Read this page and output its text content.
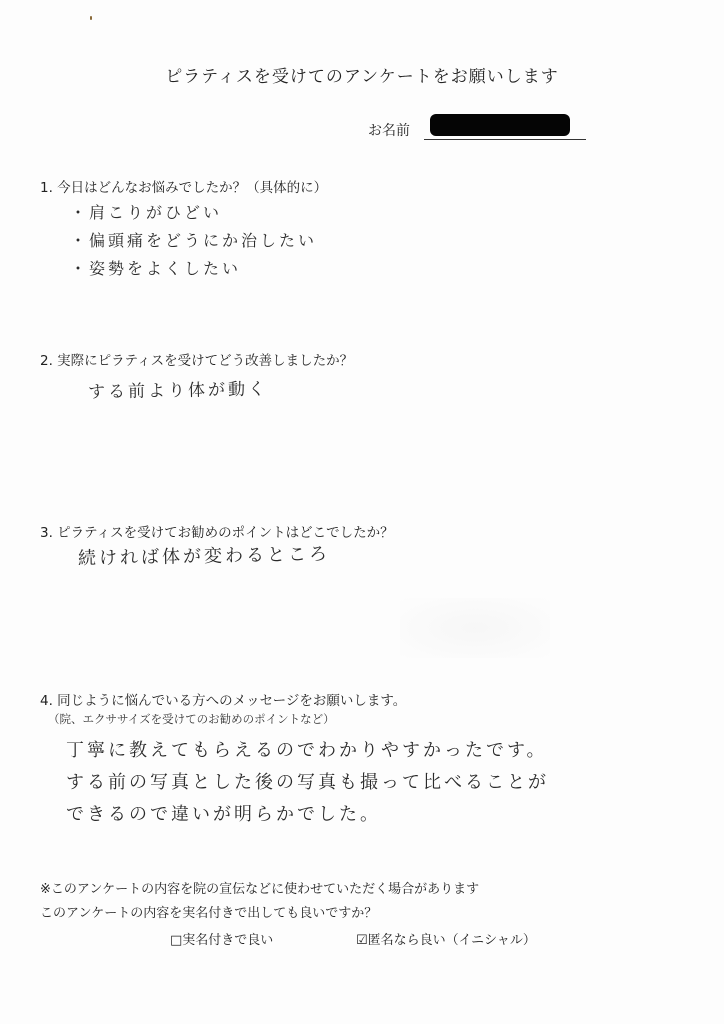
ピラティスを受けてのアンケートをお願いします
お名前
1. 今日はどんなお悩みでしたか？（具体的に）
・肩こりがひどい
・偏頭痛をどうにか治したい
・姿勢をよくしたい
2. 実際にピラティスを受けてどう改善しましたか？
する前より体が動く
3. ピラティスを受けてお勧めのポイントはどこでしたか？
続ければ体が変わるところ
4. 同じように悩んでいる方へのメッセージをお願いします。
（院、エクササイズを受けてのお勧めのポイントなど）
丁寧に教えてもらえるのでわかりやすかったです。
する前の写真とした後の写真も撮って比べることが
できるので違いが明らかでした。
※このアンケートの内容を院の宣伝などに使わせていただく場合があります
このアンケートの内容を実名付きで出しても良いですか？
□実名付きで良い	☑匿名なら良い（イニシャル）
